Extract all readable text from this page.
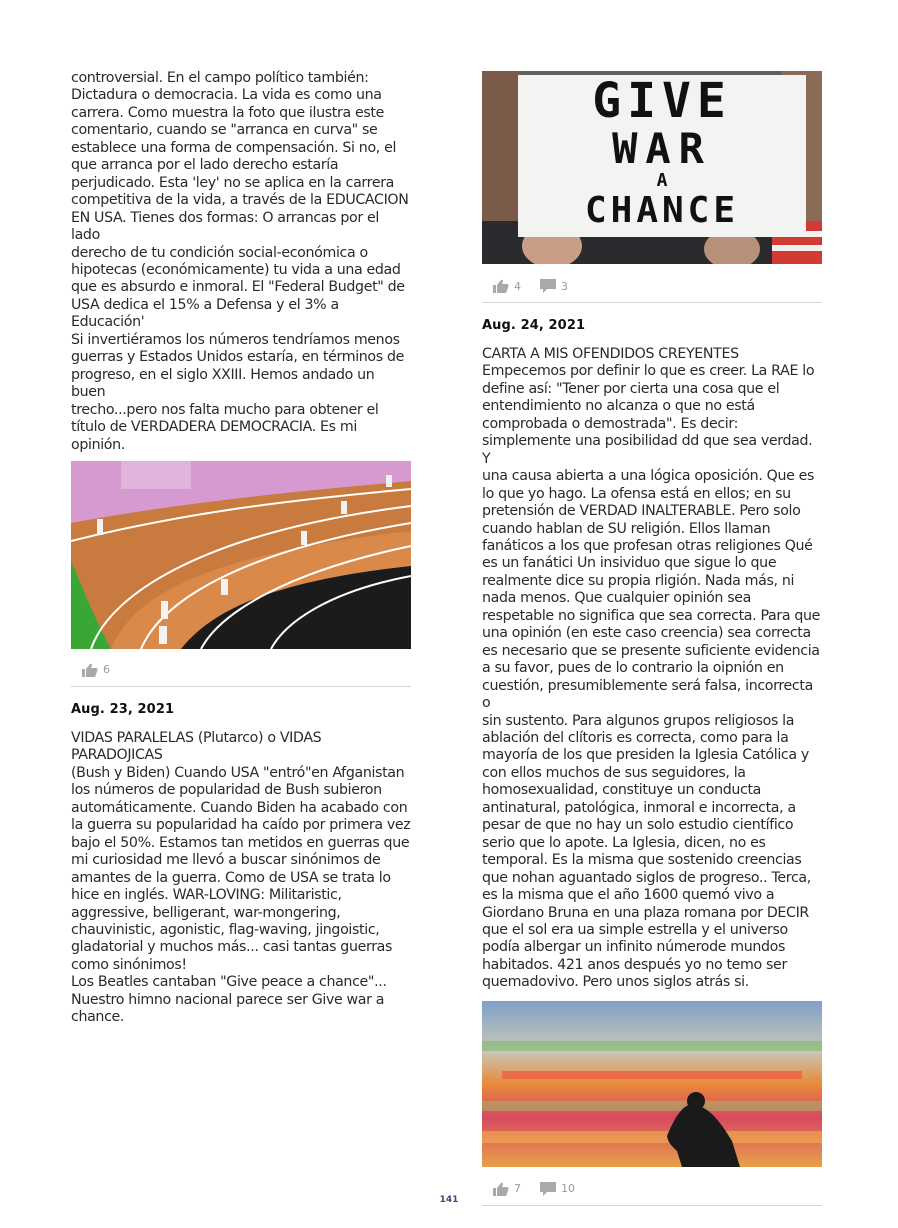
controversial. En el campo político también:
Dictadura o democracia. La vida es como una
carrera. Como muestra la foto que ilustra este
comentario, cuando se "arranca en curva" se
establece una forma de compensación. Si no, el
que arranca por el lado derecho estaría
perjudicado. Esta 'ley' no se aplica en la carrera
competitiva de la vida, a través de la EDUCACION
EN USA. Tienes dos formas: O arrancas por el lado
derecho de tu condición social-económica o
hipotecas (económicamente) tu vida a una edad
que es absurdo e inmoral. El "Federal Budget" de
USA dedica el 15% a Defensa y el 3% a Educación'
Si invertiéramos los números tendríamos menos
guerras y Estados Unidos estaría, en términos de
progreso, en el siglo XXIII. Hemos andado un buen
trecho...pero nos falta mucho para obtener el
título de VERDADERA DEMOCRACIA. Es mi opinión.

6

Aug. 23, 2021

VIDAS PARALELAS (Plutarco) o VIDAS PARADOJICAS
(Bush y Biden) Cuando USA "entró"en Afganistan
los números de popularidad de Bush subieron
automáticamente. Cuando Biden ha acabado con
la guerra su popularidad ha caído por primera vez
bajo el 50%. Estamos tan metidos en guerras que
mi curiosidad me llevó a buscar sinónimos de
amantes de la guerra. Como de USA se trata lo
hice en inglés. WAR-LOVING: Militaristic,
aggressive, belligerant, war-mongering,
chauvinistic, agonistic, flag-waving, jingoistic,
gladatorial y muchos más... casi tantas guerras
como sinónimos!
Los Beatles cantaban "Give peace a chance"...
Nuestro himno nacional parece ser Give war a
chance.

GIVE
WAR
A
CHANCE
4	3

Aug. 24, 2021

CARTA A MIS OFENDIDOS CREYENTES
Empecemos por definir lo que es creer. La RAE lo
define así: "Tener por cierta una cosa que el
entendimiento no alcanza o que no está
comprobada o demostrada". Es decir:
simplemente una posibilidad dd que sea verdad. Y
una causa abierta a una lógica oposición. Que es
lo que yo hago. La ofensa está en ellos; en su
pretensión de VERDAD INALTERABLE. Pero solo
cuando hablan de SU religión. Ellos llaman
fanáticos a los que profesan otras religiones Qué
es un fanátici Un insividuo que sigue lo que
realmente dice su propia rligión. Nada más, ni
nada menos. Que cualquier opinión sea
respetable no significa que sea correcta. Para que
una opinión (en este caso creencia) sea correcta
es necesario que se presente suficiente evidencia
a su favor, pues de lo contrario la oipnión en
cuestión, presumiblemente será falsa, incorrecta o
sin sustento. Para algunos grupos religiosos la
ablación del clítoris es correcta, como para la
mayoría de los que presiden la Iglesia Católica y
con ellos muchos de sus seguidores, la
homosexualidad, constituye un conducta
antinatural, patológica, inmoral e incorrecta, a
pesar de que no hay un solo estudio científico
serio que lo apote. La Iglesia, dicen, no es
temporal. Es la misma que sostenido creencias
que nohan aguantado siglos de progreso.. Terca,
es la misma que el año 1600 quemó vivo a
Giordano Bruna en una plaza romana por DECIR
que el sol era ua simple estrella y el universo
podía albergar un infinito númerode mundos
habitados. 421 anos después yo no temo ser
quemadovivo. Pero unos siglos atrás si.

7	10
141
